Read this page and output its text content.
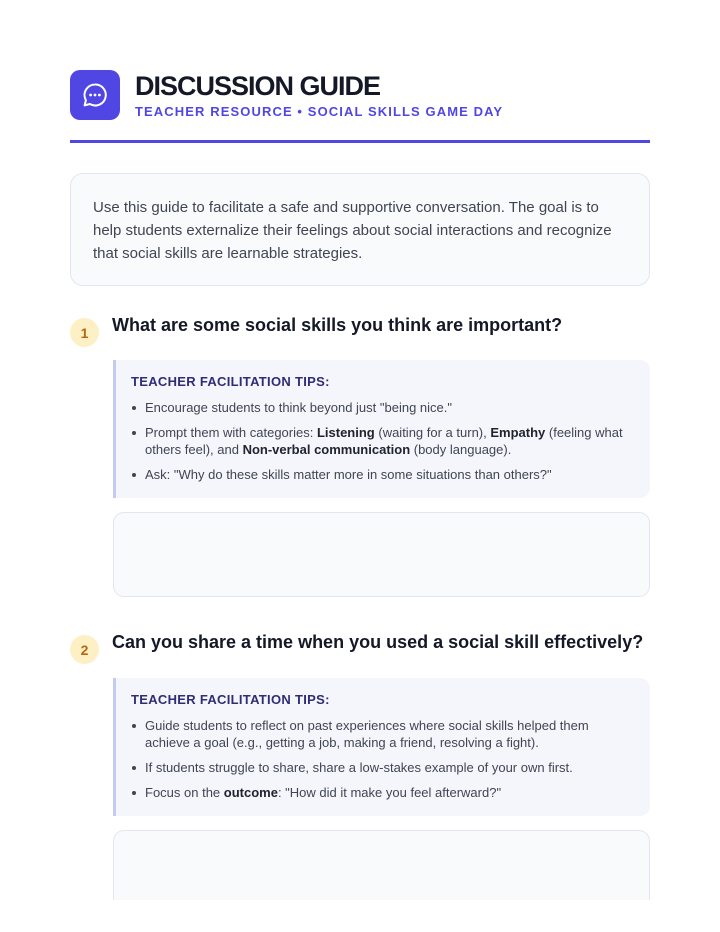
DISCUSSION GUIDE
TEACHER RESOURCE • SOCIAL SKILLS GAME DAY

Use this guide to facilitate a safe and supportive conversation. The goal is to help students externalize their feelings about social interactions and recognize that social skills are learnable strategies.

1	What are some social skills you think are important?
TEACHER FACILITATION TIPS:
Encourage students to think beyond just "being nice."
Prompt them with categories: Listening (waiting for a turn), Empathy (feeling what others feel), and Non-verbal communication (body language).
Ask: "Why do these skills matter more in some situations than others?"
2	Can you share a time when you used a social skill effectively?
TEACHER FACILITATION TIPS:
Guide students to reflect on past experiences where social skills helped them achieve a goal (e.g., getting a job, making a friend, resolving a fight).
If students struggle to share, share a low-stakes example of your own first.
Focus on the outcome: "How did it make you feel afterward?"
